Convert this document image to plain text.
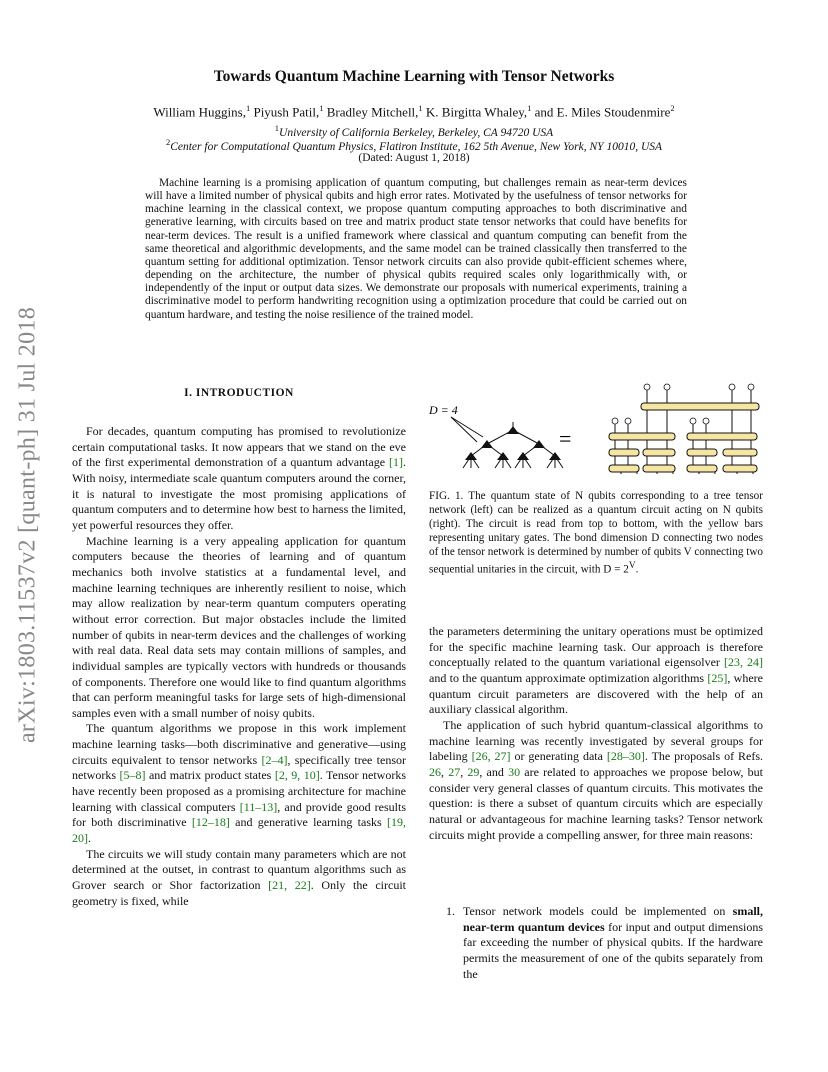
arXiv:1803.11537v2 [quant-ph] 31 Jul 2018
Towards Quantum Machine Learning with Tensor Networks
William Huggins,$^1$ Piyush Patil,$^1$ Bradley Mitchell,$^1$ K. Birgitta Whaley,$^1$ and E. Miles Stoudenmire$^2$
$^1$University of California Berkeley, Berkeley, CA 94720 USA
$^2$Center for Computational Quantum Physics, Flatiron Institute, 162 5th Avenue, New York, NY 10010, USA
(Dated: August 1, 2018)
Machine learning is a promising application of quantum computing, but challenges remain as near-term devices will have a limited number of physical qubits and high error rates. Motivated by the usefulness of tensor networks for machine learning in the classical context, we propose quantum computing approaches to both discriminative and generative learning, with circuits based on tree and matrix product state tensor networks that could have benefits for near-term devices. The result is a unified framework where classical and quantum computing can benefit from the same theoretical and algorithmic developments, and the same model can be trained classically then transferred to the quantum setting for additional optimization. Tensor network circuits can also provide qubit-efficient schemes where, depending on the architecture, the number of physical qubits required scales only logarithmically with, or independently of the input or output data sizes. We demonstrate our proposals with numerical experiments, training a discriminative model to perform handwriting recognition using a optimization procedure that could be carried out on quantum hardware, and testing the noise resilience of the trained model.
I. INTRODUCTION

For decades, quantum computing has promised to revolutionize certain computational tasks. It now appears that we stand on the eve of the first experimental demonstration of a quantum advantage [1]. With noisy, intermediate scale quantum computers around the corner, it is natural to investigate the most promising applications of quantum computers and to determine how best to harness the limited, yet powerful resources they offer.

Machine learning is a very appealing application for quantum computers because the theories of learning and of quantum mechanics both involve statistics at a fundamental level, and machine learning techniques are inherently resilient to noise, which may allow realization by near-term quantum computers operating without error correction. But major obstacles include the limited number of qubits in near-term devices and the challenges of working with real data. Real data sets may contain millions of samples, and individual samples are typically vectors with hundreds or thousands of components. Therefore one would like to find quantum algorithms that can perform meaningful tasks for large sets of high-dimensional samples even with a small number of noisy qubits.

The quantum algorithms we propose in this work implement machine learning tasks—both discriminative and generative—using circuits equivalent to tensor networks [2–4], specifically tree tensor networks [5–8] and matrix product states [2, 9, 10]. Tensor networks have recently been proposed as a promising architecture for machine learning with classical computers [11–13], and provide good results for both discriminative [12–18] and generative learning tasks [19, 20].

The circuits we will study contain many parameters which are not determined at the outset, in contrast to quantum algorithms such as Grover search or Shor factorization [21, 22]. Only the circuit geometry is fixed, while

D = 4
=
FIG. 1. The quantum state of N qubits corresponding to a tree tensor network (left) can be realized as a quantum circuit acting on N qubits (right). The circuit is read from top to bottom, with the yellow bars representing unitary gates. The bond dimension D connecting two nodes of the tensor network is determined by number of qubits V connecting two sequential unitaries in the circuit, with $D = 2^V$.

the parameters determining the unitary operations must be optimized for the specific machine learning task. Our approach is therefore conceptually related to the quantum variational eigensolver [23, 24] and to the quantum approximate optimization algorithms [25], where quantum circuit parameters are discovered with the help of an auxiliary classical algorithm.

The application of such hybrid quantum-classical algorithms to machine learning was recently investigated by several groups for labeling [26, 27] or generating data [28–30]. The proposals of Refs. 26, 27, 29, and 30 are related to approaches we propose below, but consider very general classes of quantum circuits. This motivates the question: is there a subset of quantum circuits which are especially natural or advantageous for machine learning tasks? Tensor network circuits might provide a compelling answer, for three main reasons:

1. Tensor network models could be implemented on small, near-term quantum devices for input and output dimensions far exceeding the number of physical qubits. If the hardware permits the measurement of one of the qubits separately from the
